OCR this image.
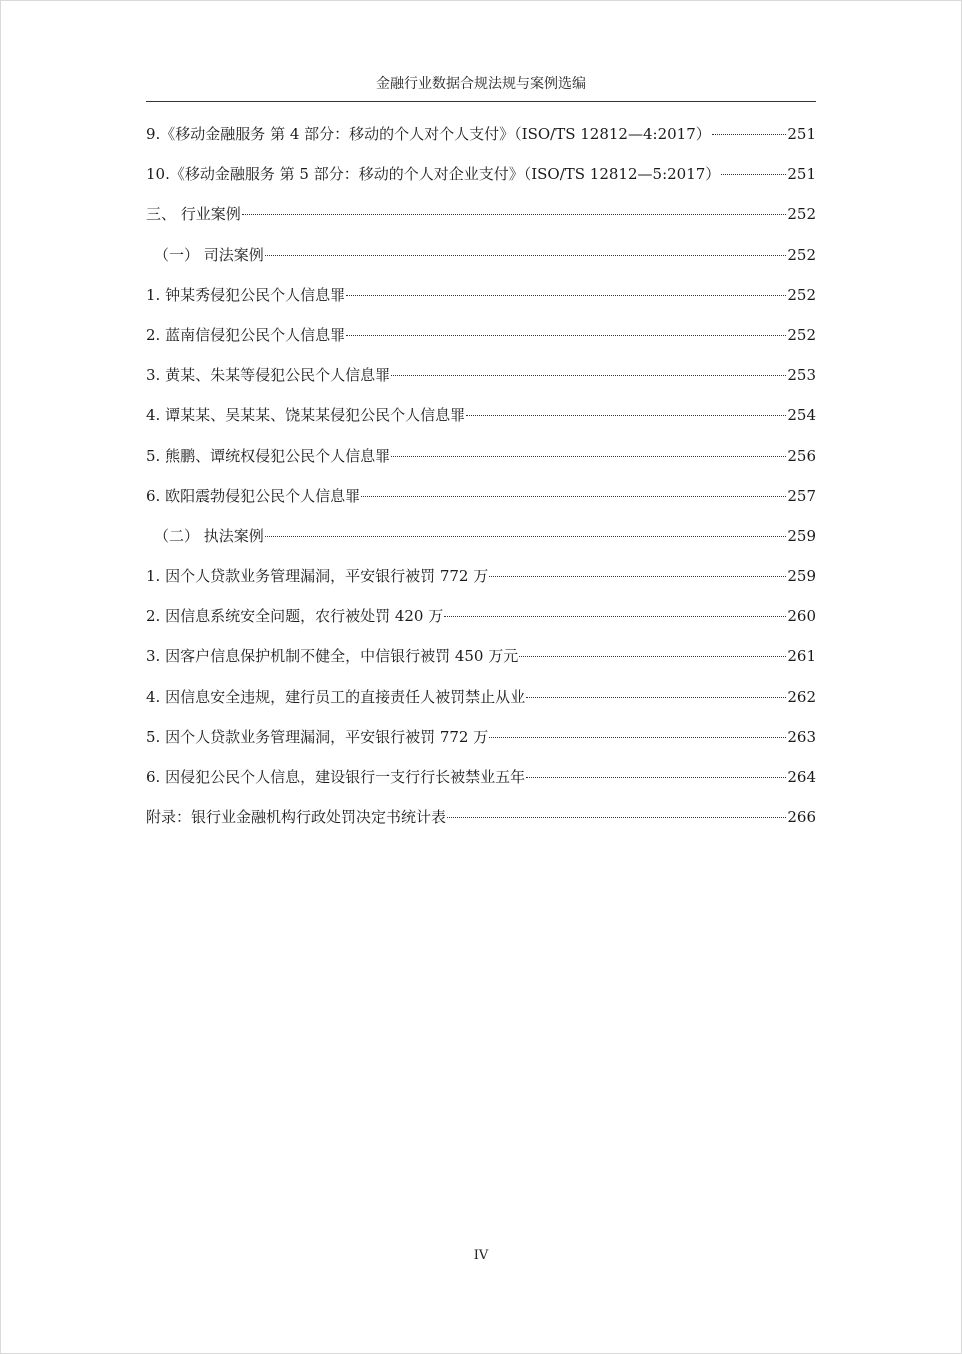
金融行业数据合规法规与案例选编
9.《移动金融服务 第 4 部分：移动的个人对个人支付》（ISO/TS 12812—4:2017）	251
10.《移动金融服务 第 5 部分：移动的个人对企业支付》（ISO/TS 12812—5:2017）	251
三、 行业案例	252
（一） 司法案例	252
1. 钟某秀侵犯公民个人信息罪	252
2. 蓝南信侵犯公民个人信息罪	252
3. 黄某、朱某等侵犯公民个人信息罪	253
4. 谭某某、吴某某、饶某某侵犯公民个人信息罪	254
5. 熊鹏、谭统权侵犯公民个人信息罪	256
6. 欧阳震勃侵犯公民个人信息罪	257
（二） 执法案例	259
1. 因个人贷款业务管理漏洞，平安银行被罚 772 万	259
2. 因信息系统安全问题，农行被处罚 420 万	260
3. 因客户信息保护机制不健全，中信银行被罚 450 万元	261
4. 因信息安全违规，建行员工的直接责任人被罚禁止从业	262
5. 因个人贷款业务管理漏洞，平安银行被罚 772 万	263
6. 因侵犯公民个人信息，建设银行一支行行长被禁业五年	264
附录：银行业金融机构行政处罚决定书统计表	266
IV
